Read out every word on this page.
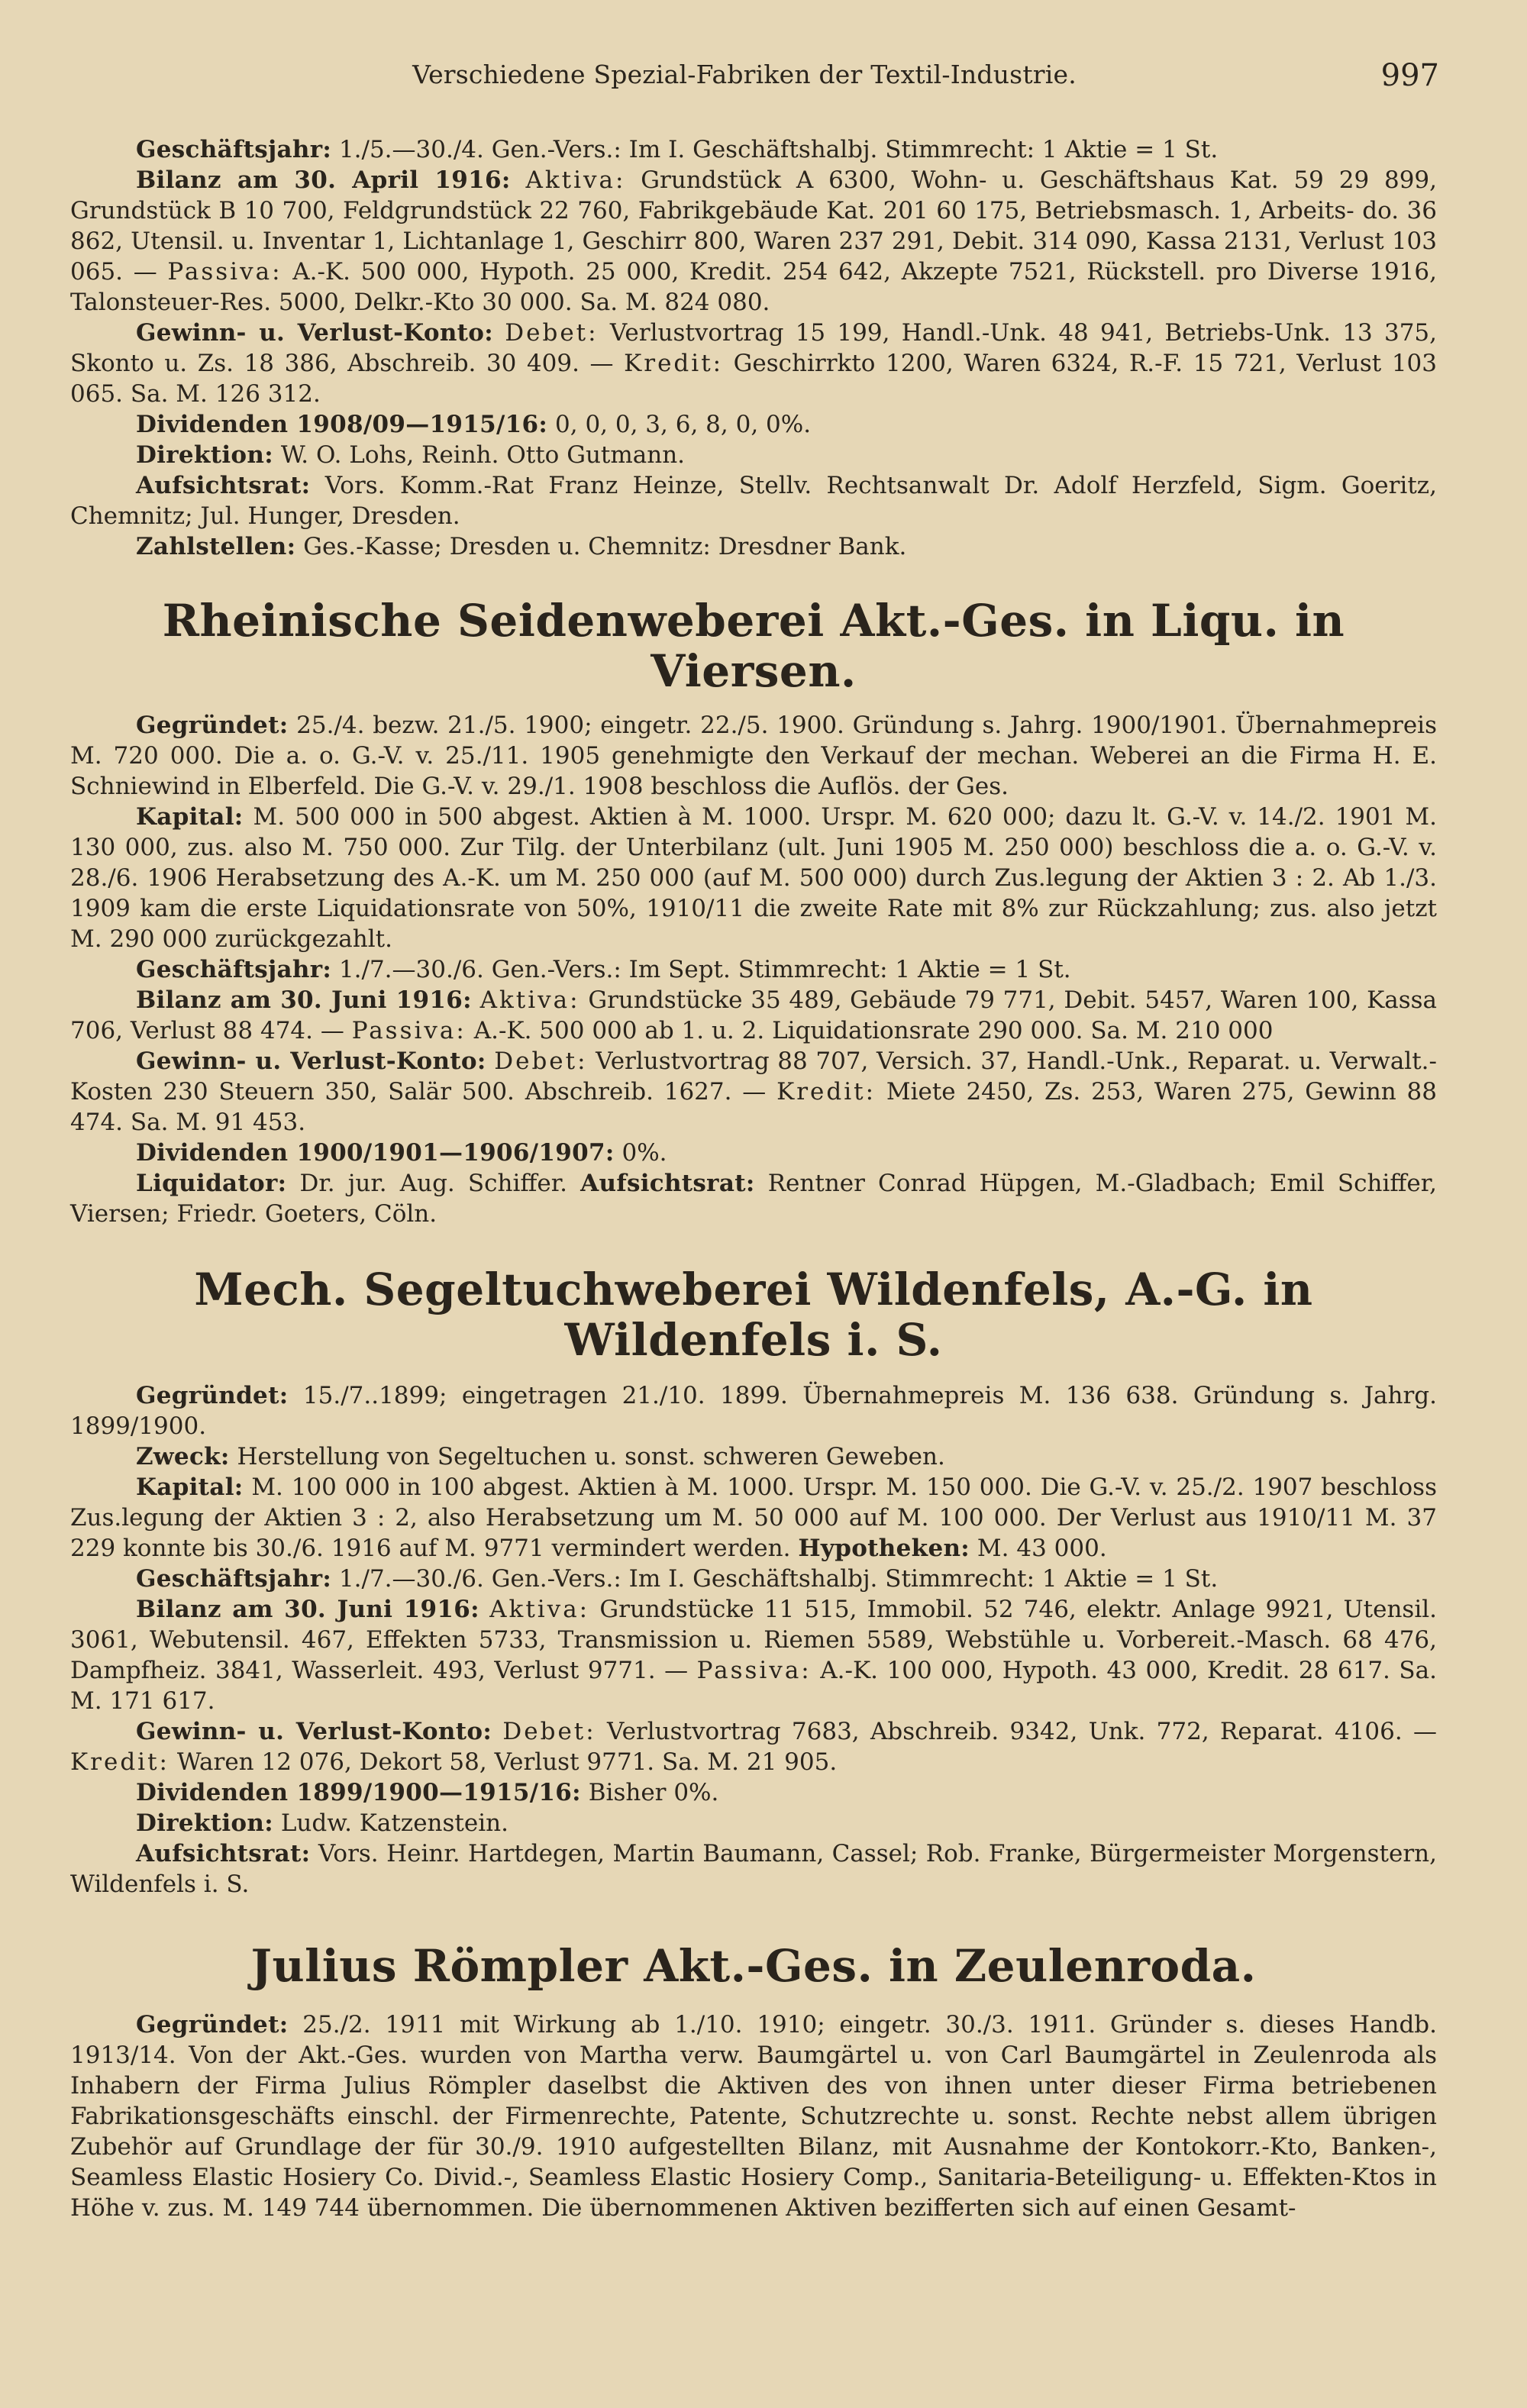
Verschiedene Spezial-Fabriken der Textil-Industrie.	997

Geschäftsjahr: 1./5.—30./4. Gen.-Vers.: Im I. Geschäftshalbj. Stimmrecht: 1 Aktie = 1 St.

Bilanz am 30. April 1916: Aktiva: Grundstück A 6300, Wohn- u. Geschäftshaus Kat. 59 29 899, Grundstück B 10 700, Feldgrundstück 22 760, Fabrikgebäude Kat. 201 60 175, Betriebsmasch. 1, Arbeits- do. 36 862, Utensil. u. Inventar 1, Lichtanlage 1, Geschirr 800, Waren 237 291, Debit. 314 090, Kassa 2131, Verlust 103 065. — Passiva: A.-K. 500 000, Hypoth. 25 000, Kredit. 254 642, Akzepte 7521, Rückstell. pro Diverse 1916, Talonsteuer-Res. 5000, Delkr.-Kto 30 000. Sa. M. 824 080.

Gewinn- u. Verlust-Konto: Debet: Verlustvortrag 15 199, Handl.-Unk. 48 941, Betriebs-Unk. 13 375, Skonto u. Zs. 18 386, Abschreib. 30 409. — Kredit: Geschirrkto 1200, Waren 6324, R.-F. 15 721, Verlust 103 065. Sa. M. 126 312.

Dividenden 1908/09—1915/16: 0, 0, 0, 3, 6, 8, 0, 0%.

Direktion: W. O. Lohs, Reinh. Otto Gutmann.

Aufsichtsrat: Vors. Komm.-Rat Franz Heinze, Stellv. Rechtsanwalt Dr. Adolf Herzfeld, Sigm. Goeritz, Chemnitz; Jul. Hunger, Dresden.

Zahlstellen: Ges.-Kasse; Dresden u. Chemnitz: Dresdner Bank.

Rheinische Seidenweberei Akt.-Ges. in Liqu. in Viersen.

Gegründet: 25./4. bezw. 21./5. 1900; eingetr. 22./5. 1900. Gründung s. Jahrg. 1900/1901. Übernahmepreis M. 720 000. Die a. o. G.-V. v. 25./11. 1905 genehmigte den Verkauf der mechan. Weberei an die Firma H. E. Schniewind in Elberfeld. Die G.-V. v. 29./1. 1908 beschloss die Auflös. der Ges.

Kapital: M. 500 000 in 500 abgest. Aktien à M. 1000. Urspr. M. 620 000; dazu lt. G.-V. v. 14./2. 1901 M. 130 000, zus. also M. 750 000. Zur Tilg. der Unterbilanz (ult. Juni 1905 M. 250 000) beschloss die a. o. G.-V. v. 28./6. 1906 Herabsetzung des A.-K. um M. 250 000 (auf M. 500 000) durch Zus.legung der Aktien 3 : 2. Ab 1./3. 1909 kam die erste Liquidationsrate von 50%, 1910/11 die zweite Rate mit 8% zur Rückzahlung; zus. also jetzt M. 290 000 zurückgezahlt.

Geschäftsjahr: 1./7.—30./6. Gen.-Vers.: Im Sept. Stimmrecht: 1 Aktie = 1 St.

Bilanz am 30. Juni 1916: Aktiva: Grundstücke 35 489, Gebäude 79 771, Debit. 5457, Waren 100, Kassa 706, Verlust 88 474. — Passiva: A.-K. 500 000 ab 1. u. 2. Liquidationsrate 290 000. Sa. M. 210 000

Gewinn- u. Verlust-Konto: Debet: Verlustvortrag 88 707, Versich. 37, Handl.-Unk., Reparat. u. Verwalt.-Kosten 230 Steuern 350, Salär 500. Abschreib. 1627. — Kredit: Miete 2450, Zs. 253, Waren 275, Gewinn 88 474. Sa. M. 91 453.

Dividenden 1900/1901—1906/1907: 0%.

Liquidator: Dr. jur. Aug. Schiffer. Aufsichtsrat: Rentner Conrad Hüpgen, M.-Gladbach; Emil Schiffer, Viersen; Friedr. Goeters, Cöln.

Mech. Segeltuchweberei Wildenfels, A.-G. in Wildenfels i. S.

Gegründet: 15./7..1899; eingetragen 21./10. 1899. Übernahmepreis M. 136 638. Gründung s. Jahrg. 1899/1900.

Zweck: Herstellung von Segeltuchen u. sonst. schweren Geweben.

Kapital: M. 100 000 in 100 abgest. Aktien à M. 1000. Urspr. M. 150 000. Die G.-V. v. 25./2. 1907 beschloss Zus.legung der Aktien 3 : 2, also Herabsetzung um M. 50 000 auf M. 100 000. Der Verlust aus 1910/11 M. 37 229 konnte bis 30./6. 1916 auf M. 9771 vermindert werden. Hypotheken: M. 43 000.

Geschäftsjahr: 1./7.—30./6. Gen.-Vers.: Im I. Geschäftshalbj. Stimmrecht: 1 Aktie = 1 St.

Bilanz am 30. Juni 1916: Aktiva: Grundstücke 11 515, Immobil. 52 746, elektr. Anlage 9921, Utensil. 3061, Webutensil. 467, Effekten 5733, Transmission u. Riemen 5589, Webstühle u. Vorbereit.-Masch. 68 476, Dampfheiz. 3841, Wasserleit. 493, Verlust 9771. — Passiva: A.-K. 100 000, Hypoth. 43 000, Kredit. 28 617. Sa. M. 171 617.

Gewinn- u. Verlust-Konto: Debet: Verlustvortrag 7683, Abschreib. 9342, Unk. 772, Reparat. 4106. — Kredit: Waren 12 076, Dekort 58, Verlust 9771. Sa. M. 21 905.

Dividenden 1899/1900—1915/16: Bisher 0%.

Direktion: Ludw. Katzenstein.

Aufsichtsrat: Vors. Heinr. Hartdegen, Martin Baumann, Cassel; Rob. Franke, Bürgermeister Morgenstern, Wildenfels i. S.

Julius Römpler Akt.-Ges. in Zeulenroda.

Gegründet: 25./2. 1911 mit Wirkung ab 1./10. 1910; eingetr. 30./3. 1911. Gründer s. dieses Handb. 1913/14. Von der Akt.-Ges. wurden von Martha verw. Baumgärtel u. von Carl Baumgärtel in Zeulenroda als Inhabern der Firma Julius Römpler daselbst die Aktiven des von ihnen unter dieser Firma betriebenen Fabrikationsgeschäfts einschl. der Firmenrechte, Patente, Schutzrechte u. sonst. Rechte nebst allem übrigen Zubehör auf Grundlage der für 30./9. 1910 aufgestellten Bilanz, mit Ausnahme der Kontokorr.-Kto, Banken-, Seamless Elastic Hosiery Co. Divid.-, Seamless Elastic Hosiery Comp., Sanitaria-Beteiligung- u. Effekten-Ktos in Höhe v. zus. M. 149 744 übernommen. Die übernommenen Aktiven bezifferten sich auf einen Gesamt-
